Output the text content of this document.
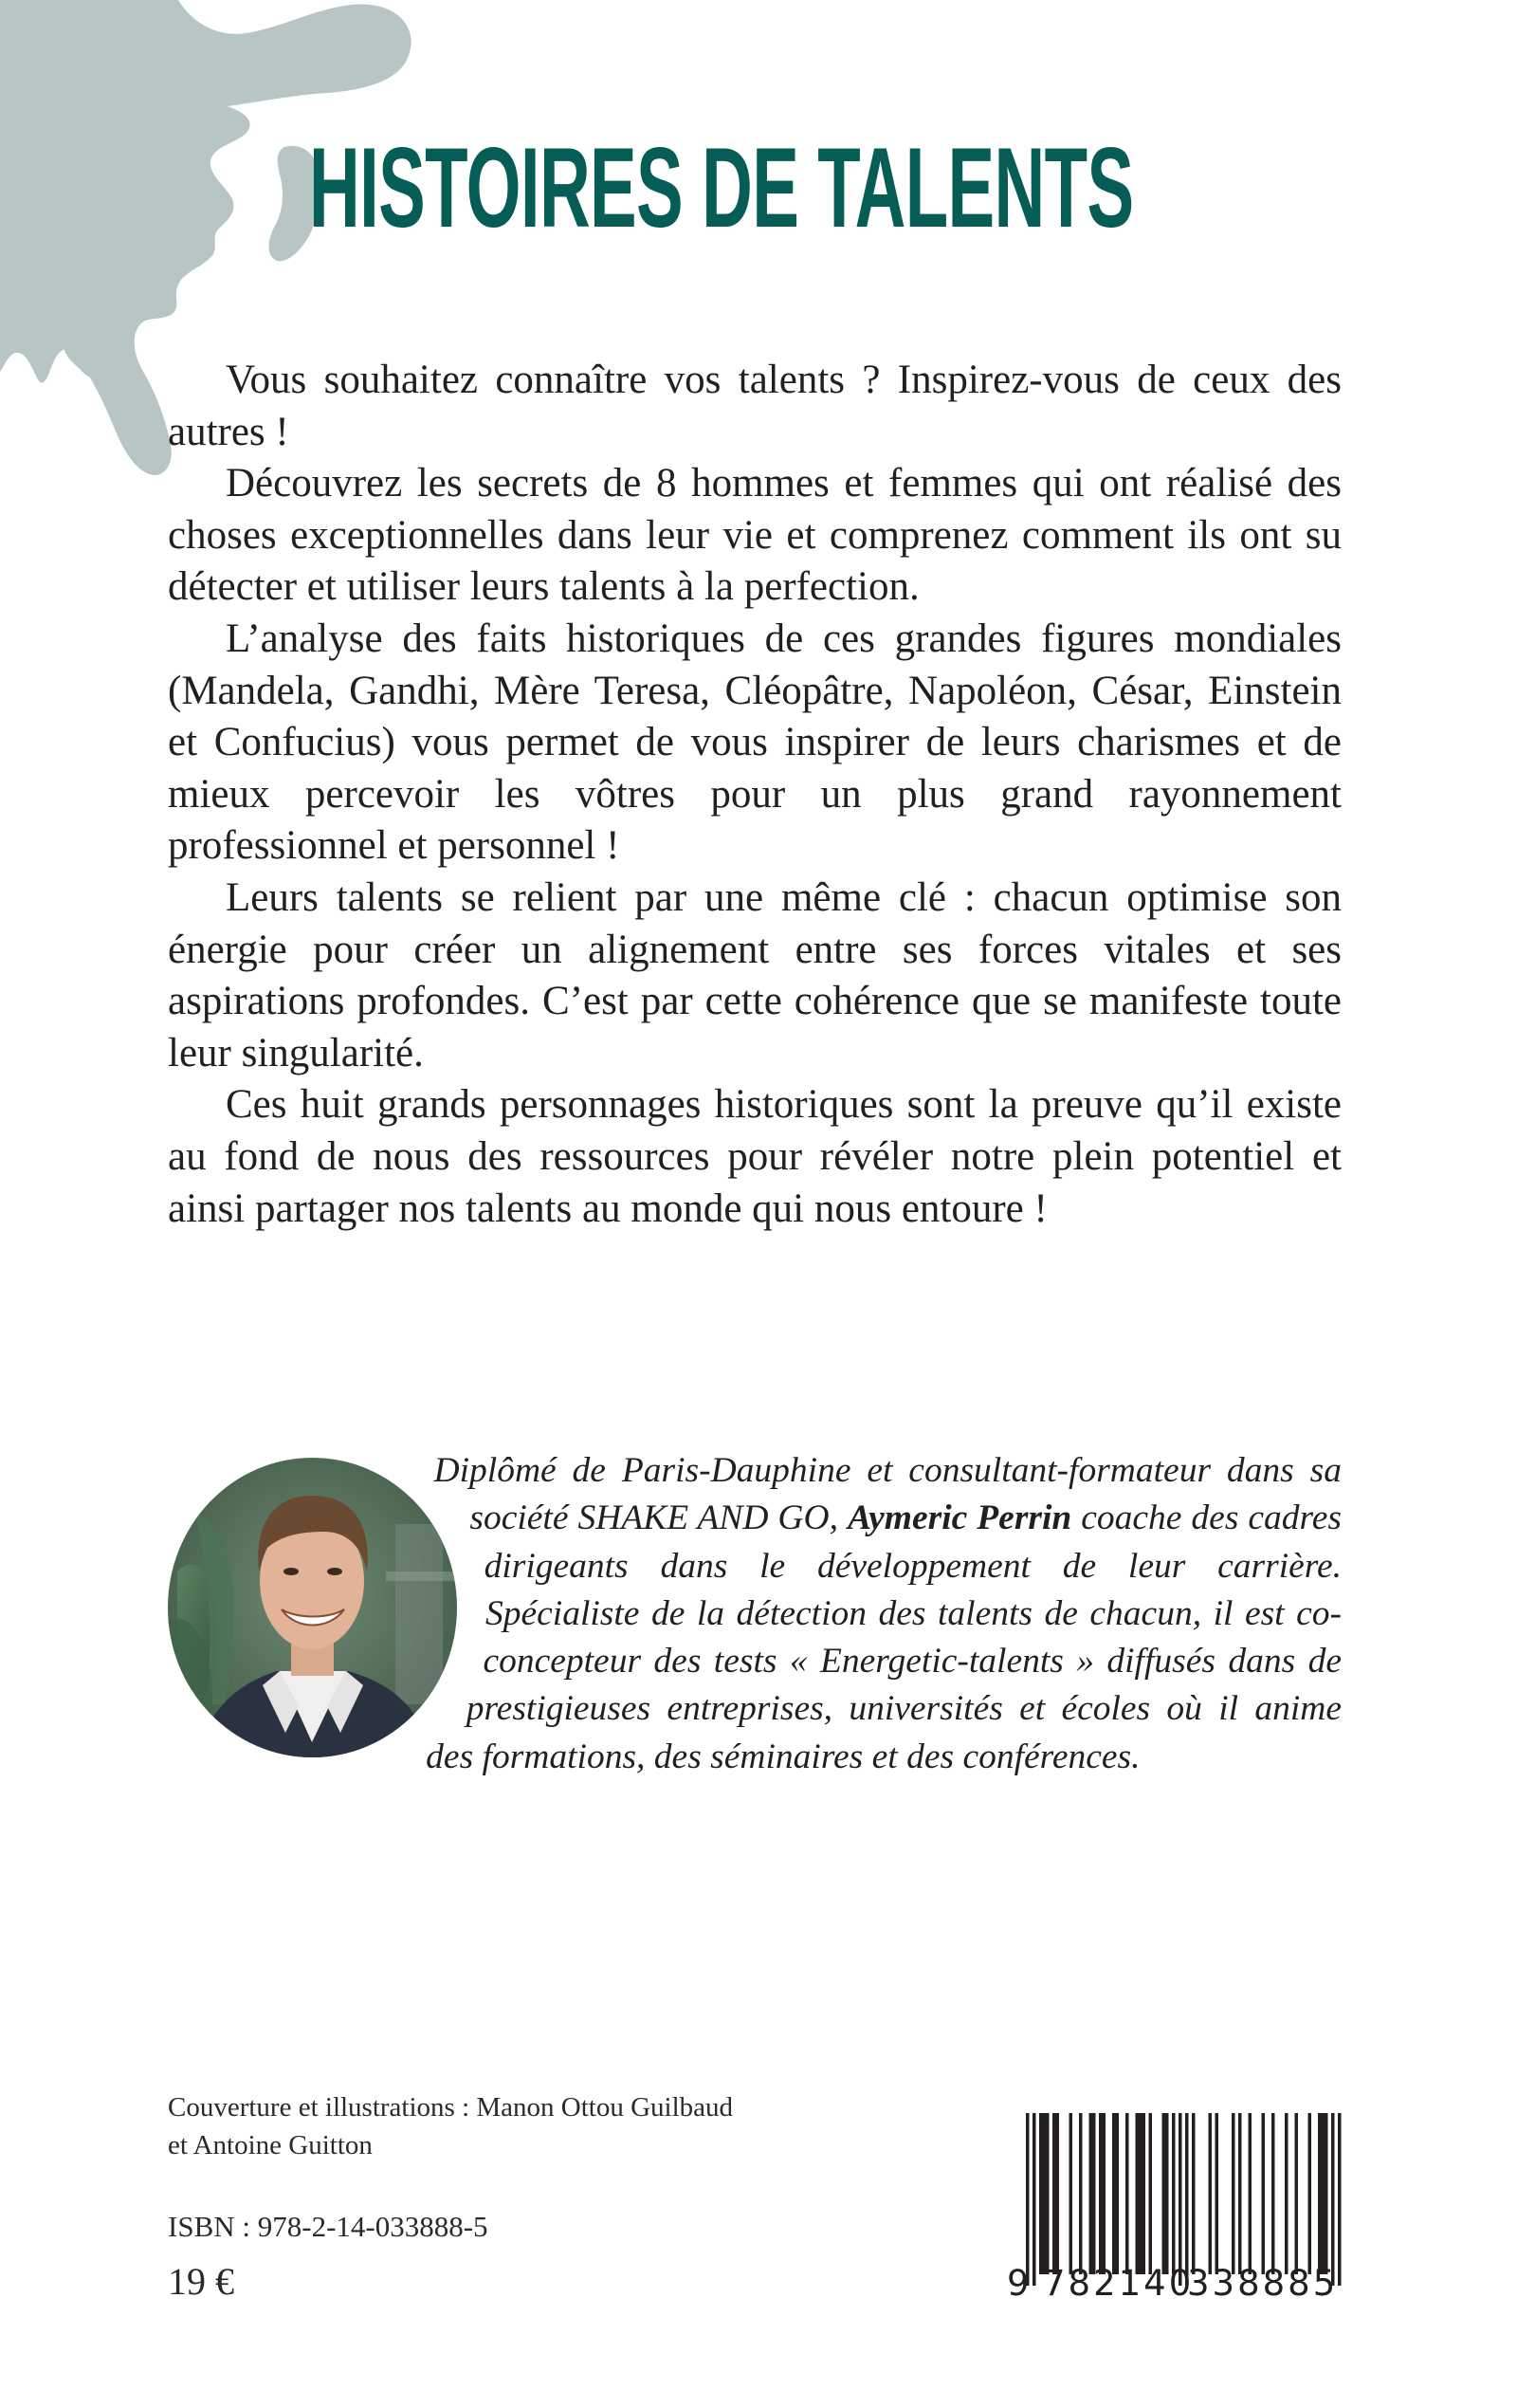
HISTOIRES DE TALENTS

Vous souhaitez connaître vos talents ? Inspirez-vous de ceux des autres !

Découvrez les secrets de 8 hommes et femmes qui ont réalisé des choses exceptionnelles dans leur vie et comprenez comment ils ont su détecter et utiliser leurs talents à la perfection.

L’analyse des faits historiques de ces grandes figures mondiales (Mandela, Gandhi, Mère Teresa, Cléopâtre, Napoléon, César, Einstein et Confucius) vous permet de vous inspirer de leurs charismes et de mieux percevoir les vôtres pour un plus grand rayonnement professionnel et personnel !

Leurs talents se relient par une même clé : chacun optimise son énergie pour créer un alignement entre ses forces vitales et ses aspirations profondes. C’est par cette cohérence que se manifeste toute leur singularité.

Ces huit grands personnages historiques sont la preuve qu’il existe au fond de nous des ressources pour révéler notre plein potentiel et ainsi partager nos talents au monde qui nous entoure !

Diplômé de Paris-Dauphine et consultant-formateur dans sa société SHAKE AND GO, Aymeric Perrin coache des cadres dirigeants dans le développement de leur carrière. Spécialiste de la détection des talents de chacun, il est co-concepteur des tests « Energetic-talents » diffusés dans de prestigieuses entreprises, universités et écoles où il anime des formations, des séminaires et des conférences.
Couverture et illustrations : Manon Ottou Guilbaud
et Antoine Guitton
ISBN : 978-2-14-033888-5
19 €	9 782140
338885
